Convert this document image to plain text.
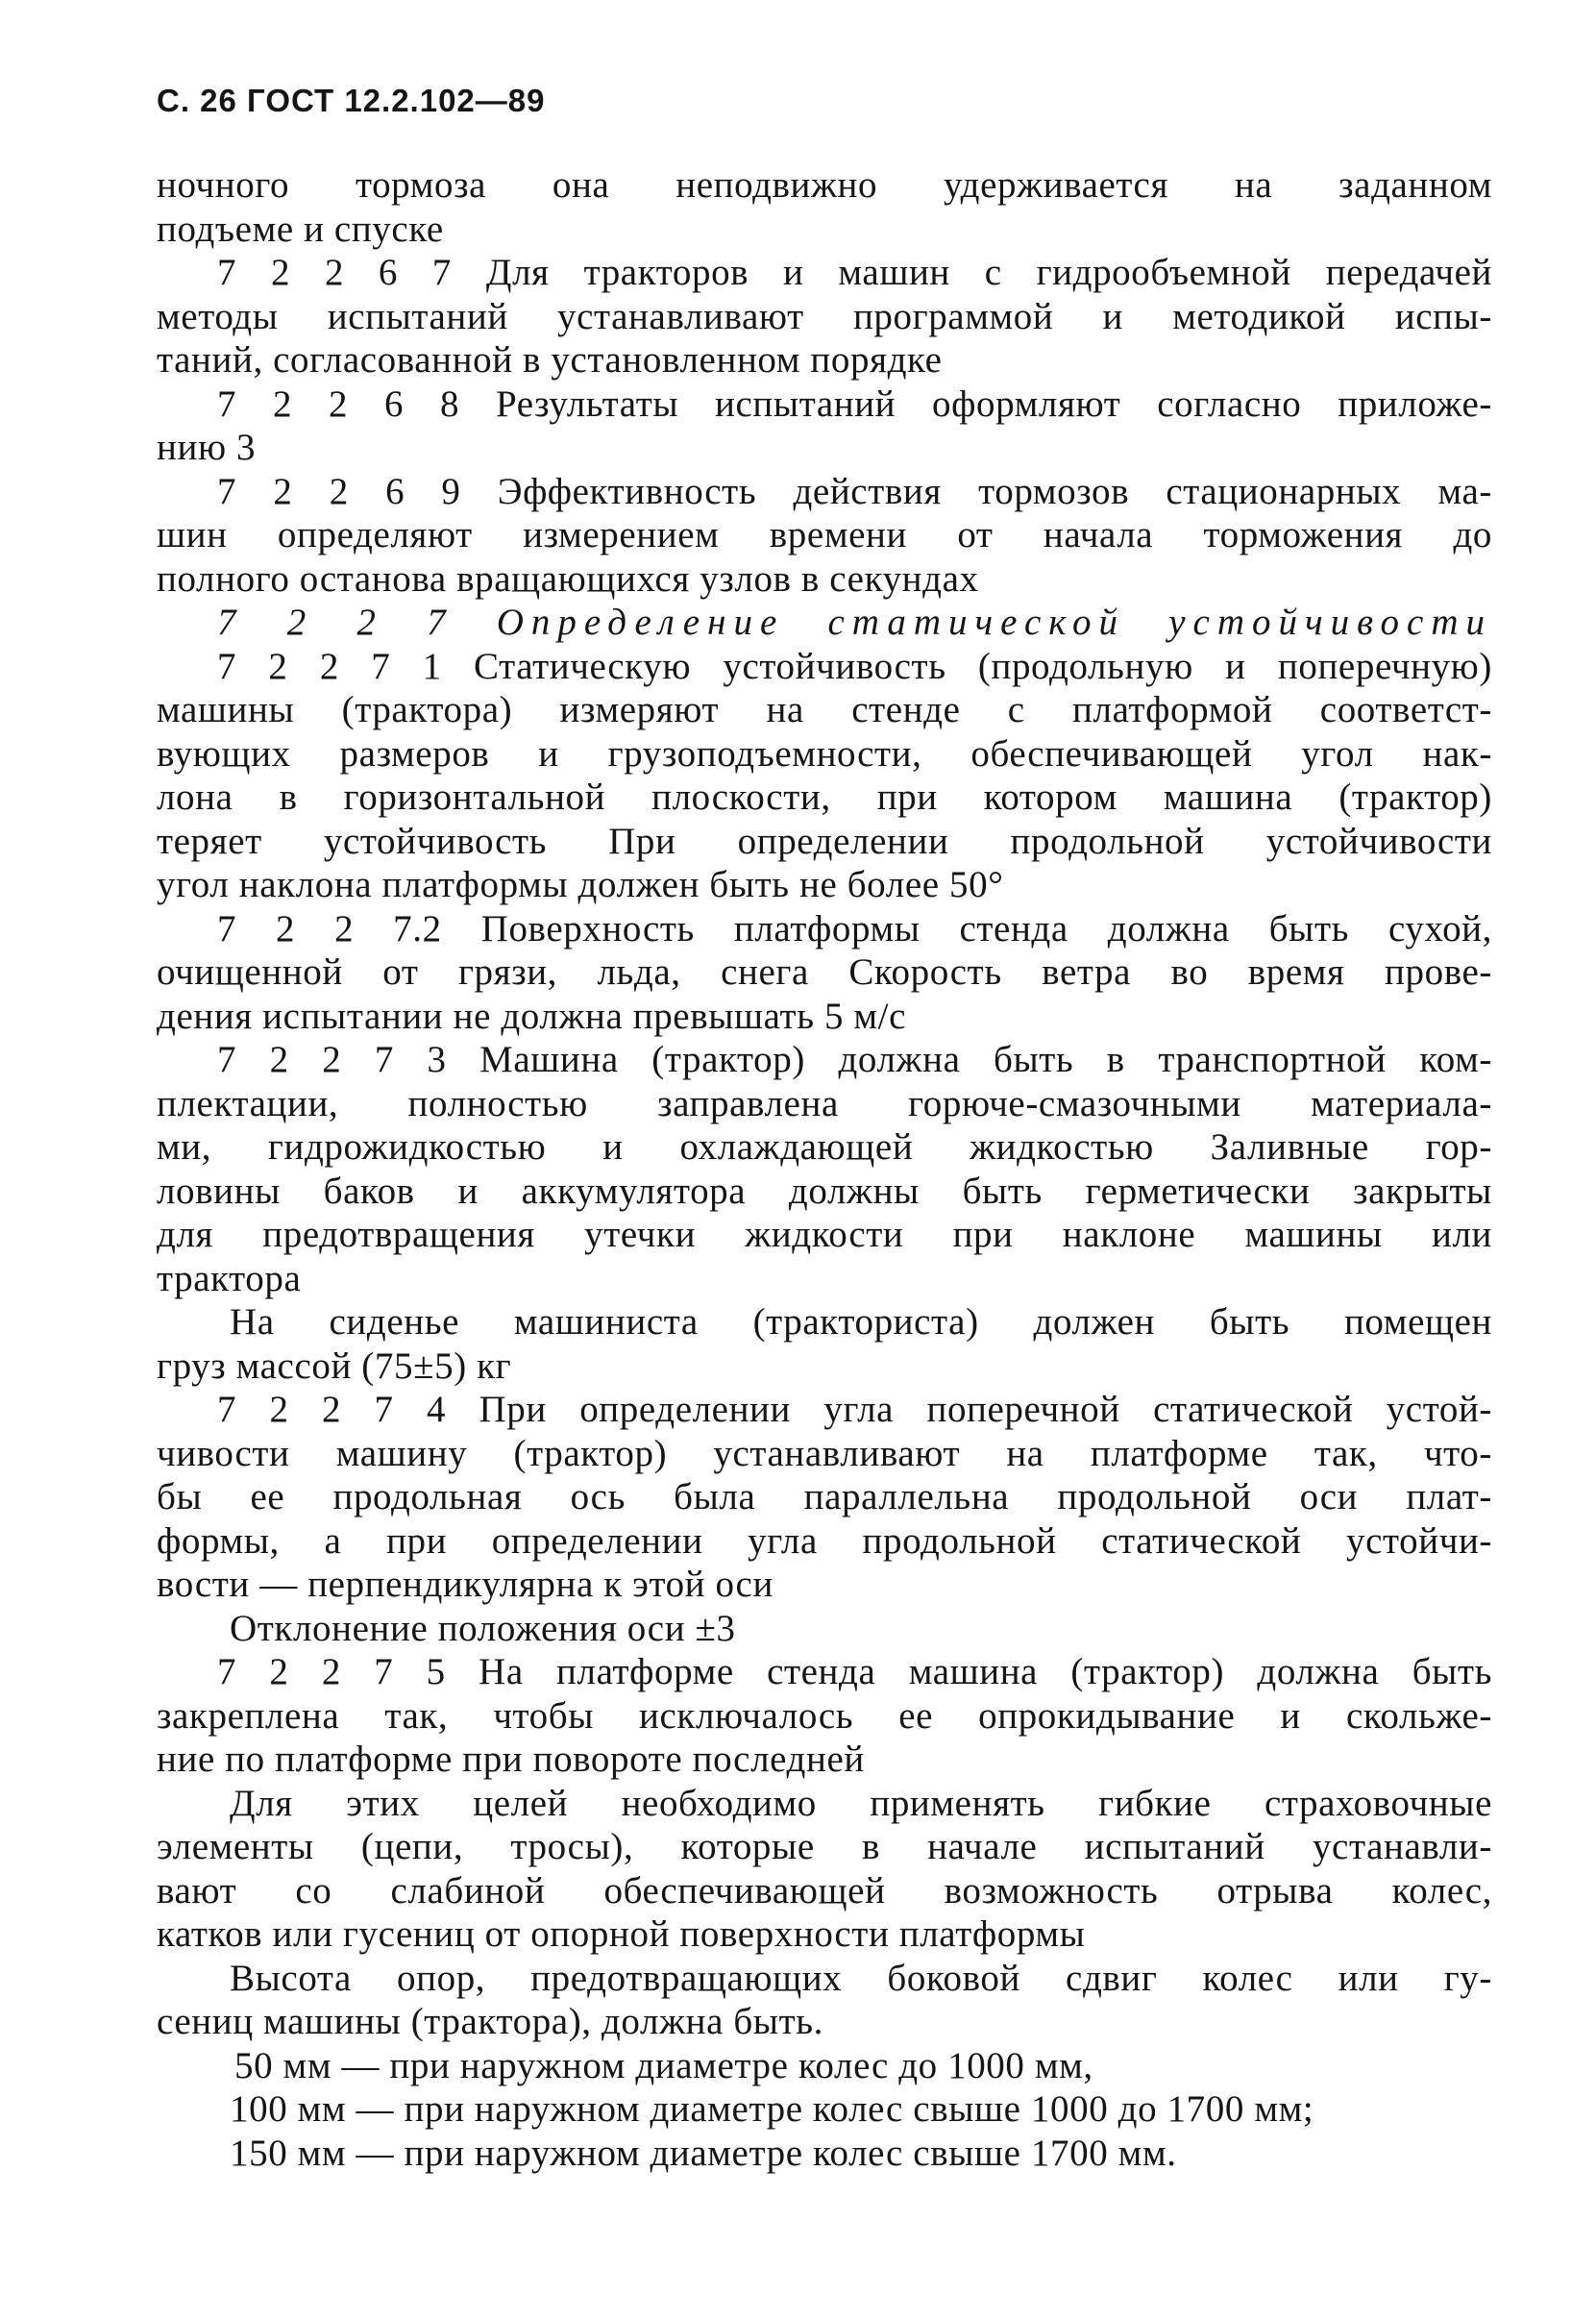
С. 26 ГОСТ 12.2.102—89
ночного тормоза она неподвижно удерживается на заданном
подъеме и спуске
7 2 2 6 7 Для тракторов и машин с гидрообъемной передачей
методы испытаний устанавливают программой и методикой испы-
таний, согласованной в установленном порядке
7 2 2 6 8 Результаты испытаний оформляют согласно приложе-
нию 3
7 2 2 6 9 Эффективность действия тормозов стационарных ма-
шин определяют измерением времени от начала торможения до
полного останова вращающихся узлов в секундах
7 2 2 7 Определение статической устойчивости
7 2 2 7 1 Статическую устойчивость (продольную и поперечную)
машины (трактора) измеряют на стенде с платформой соответст-
вующих размеров и грузоподъемности, обеспечивающей угол нак-
лона в горизонтальной плоскости, при котором машина (трактор)
теряет устойчивость При определении продольной устойчивости
угол наклона платформы должен быть не более 50°
7 2 2 7.2 Поверхность платформы стенда должна быть сухой,
очищенной от грязи, льда, снега Скорость ветра во время прове-
дения испытании не должна превышать 5 м/с
7 2 2 7 3 Машина (трактор) должна быть в транспортной ком-
плектации, полностью заправлена горюче-смазочными материала-
ми, гидрожидкостью и охлаждающей жидкостью Заливные гор-
ловины баков и аккумулятора должны быть герметически закрыты
для предотвращения утечки жидкости при наклоне машины или
трактора
На сиденье машиниста (тракториста) должен быть помещен
груз массой (75±5) кг
7 2 2 7 4 При определении угла поперечной статической устой-
чивости машину (трактор) устанавливают на платформе так, что-
бы ее продольная ось была параллельна продольной оси плат-
формы, а при определении угла продольной статической устойчи-
вости — перпендикулярна к этой оси
Отклонение положения оси ±3
7 2 2 7 5 На платформе стенда машина (трактор) должна быть
закреплена так, чтобы исключалось ее опрокидывание и скольже-
ние по платформе при повороте последней
Для этих целей необходимо применять гибкие страховочные
элементы (цепи, тросы), которые в начале испытаний устанавли-
вают со слабиной обеспечивающей возможность отрыва колес,
катков или гусениц от опорной поверхности платформы
Высота опор, предотвращающих боковой сдвиг колес или гу-
сениц машины (трактора), должна быть.
50 мм — при наружном диаметре колес до 1000 мм,
100 мм — при наружном диаметре колес свыше 1000 до 1700 мм;
150 мм — при наружном диаметре колес свыше 1700 мм.
